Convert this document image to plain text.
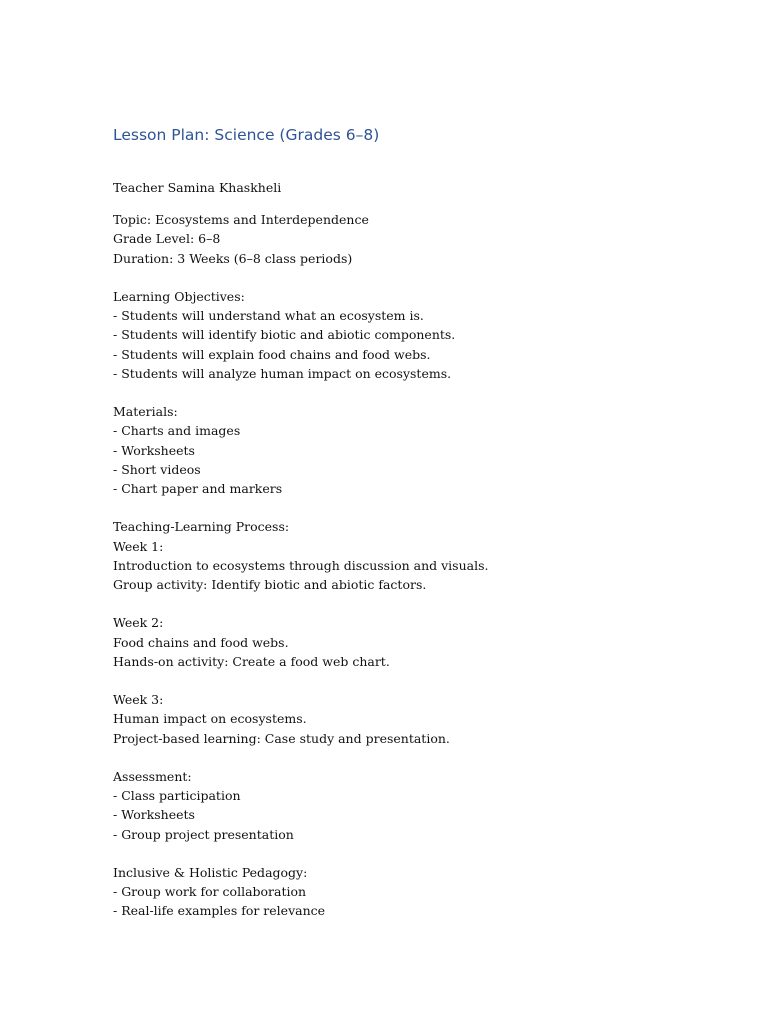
Lesson Plan: Science (Grades 6–8)
Teacher Samina Khaskheli
Topic: Ecosystems and Interdependence
Grade Level: 6–8
Duration: 3 Weeks (6–8 class periods)
Learning Objectives:
- Students will understand what an ecosystem is.
- Students will identify biotic and abiotic components.
- Students will explain food chains and food webs.
- Students will analyze human impact on ecosystems.
Materials:
- Charts and images
- Worksheets
- Short videos
- Chart paper and markers
Teaching-Learning Process:
Week 1:
Introduction to ecosystems through discussion and visuals.
Group activity: Identify biotic and abiotic factors.
Week 2:
Food chains and food webs.
Hands-on activity: Create a food web chart.
Week 3:
Human impact on ecosystems.
Project-based learning: Case study and presentation.
Assessment:
- Class participation
- Worksheets
- Group project presentation
Inclusive & Holistic Pedagogy:
- Group work for collaboration
- Real-life examples for relevance
